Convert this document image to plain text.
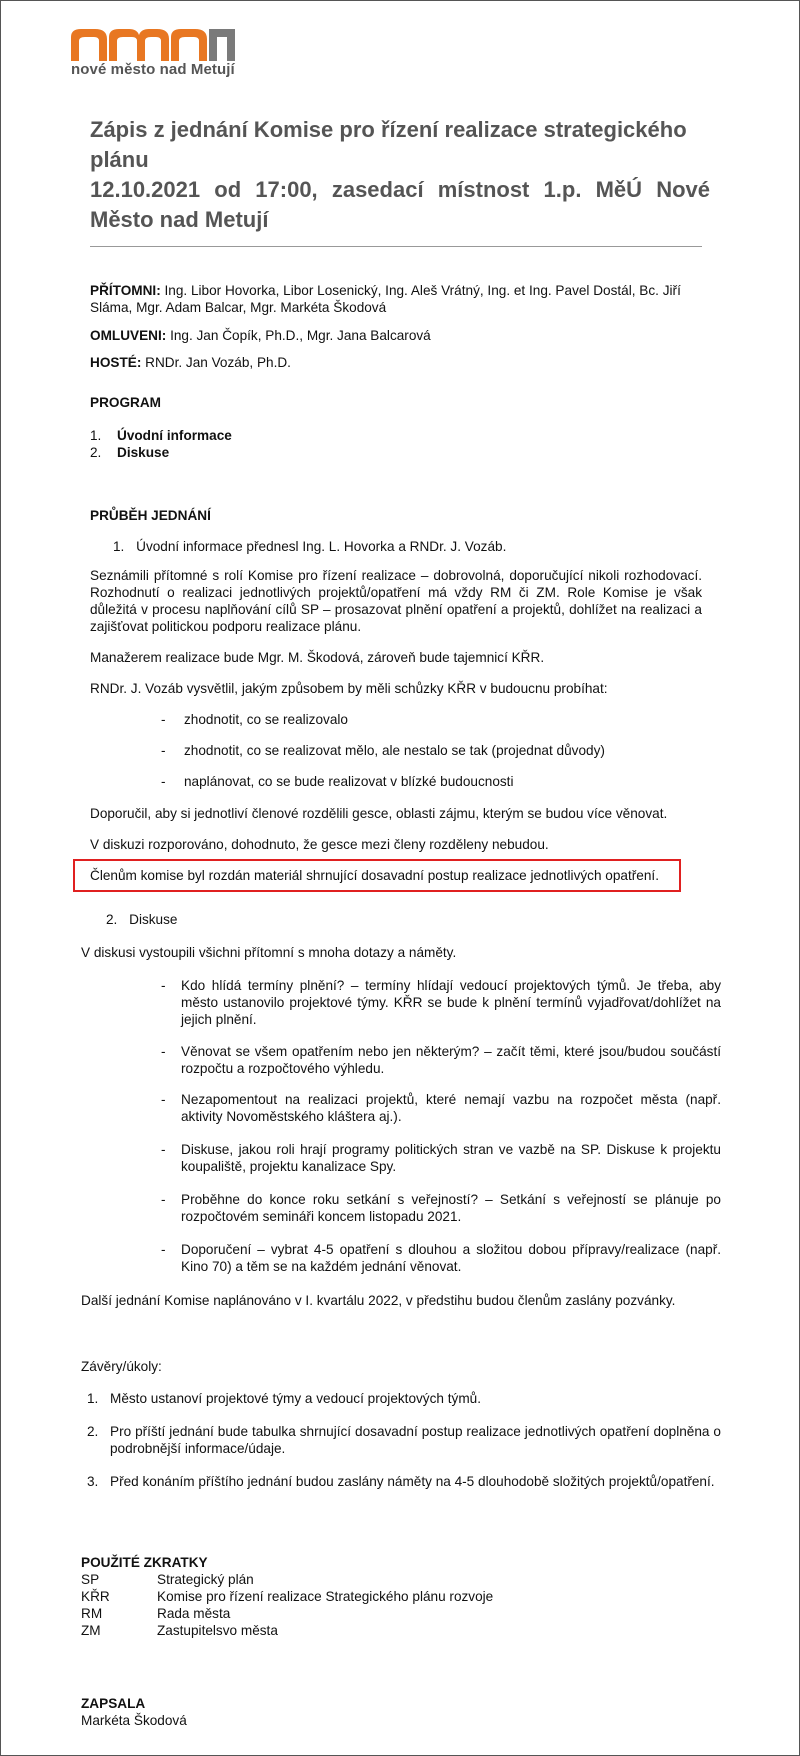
nové město nad Metují
Zápis z jednání Komise pro řízení realizace strategického plánu
12.10.2021 od 17:00, zasedací místnost 1.p. MěÚ Nové Město nad Metují
PŘÍTOMNI: Ing. Libor Hovorka, Libor Losenický, Ing. Aleš Vrátný, Ing. et Ing. Pavel Dostál, Bc. Jiří Sláma, Mgr. Adam Balcar, Mgr. Markéta Škodová
OMLUVENI: Ing. Jan Čopík, Ph.D., Mgr. Jana Balcarová
HOSTÉ: RNDr. Jan Vozáb, Ph.D.
PROGRAM
1. Úvodní informace
2. Diskuse
PRŮBĚH JEDNÁNÍ
1. Úvodní informace přednesl Ing. L. Hovorka a RNDr. J. Vozáb.
Seznámili přítomné s rolí Komise pro řízení realizace – dobrovolná, doporučující nikoli rozhodovací. Rozhodnutí o realizaci jednotlivých projektů/opatření má vždy RM či ZM. Role Komise je však důležitá v procesu naplňování cílů SP – prosazovat plnění opatření a projektů, dohlížet na realizaci a zajišťovat politickou podporu realizace plánu.
Manažerem realizace bude Mgr. M. Škodová, zároveň bude tajemnicí KŘR.
RNDr. J. Vozáb vysvětlil, jakým způsobem by měli schůzky KŘR v budoucnu probíhat:
- zhodnotit, co se realizovalo
- zhodnotit, co se realizovat mělo, ale nestalo se tak (projednat důvody)
- naplánovat, co se bude realizovat v blízké budoucnosti
Doporučil, aby si jednotliví členové rozdělili gesce, oblasti zájmu, kterým se budou více věnovat.
V diskuzi rozporováno, dohodnuto, že gesce mezi členy rozděleny nebudou.
Členům komise byl rozdán materiál shrnující dosavadní postup realizace jednotlivých opatření.
2. Diskuse
V diskusi vystoupili všichni přítomní s mnoha dotazy a náměty.
- Kdo hlídá termíny plnění? – termíny hlídají vedoucí projektových týmů. Je třeba, aby město ustanovilo projektové týmy. KŘR se bude k plnění termínů vyjadřovat/dohlížet na jejich plnění.
- Věnovat se všem opatřením nebo jen některým? – začít těmi, které jsou/budou součástí rozpočtu a rozpočtového výhledu.
- Nezapomentout na realizaci projektů, které nemají vazbu na rozpočet města (např. aktivity Novoměstského kláštera aj.).
- Diskuse, jakou roli hrají programy politických stran ve vazbě na SP. Diskuse k projektu koupaliště, projektu kanalizace Spy.
- Proběhne do konce roku setkání s veřejností? – Setkání s veřejností se plánuje po rozpočtovém semináři koncem listopadu 2021.
- Doporučení – vybrat 4-5 opatření s dlouhou a složitou dobou přípravy/realizace (např. Kino 70) a těm se na každém jednání věnovat.
Další jednání Komise naplánováno v I. kvartálu 2022, v předstihu budou členům zaslány pozvánky.
Závěry/úkoly:
1. Město ustanoví projektové týmy a vedoucí projektových týmů.
2. Pro příští jednání bude tabulka shrnující dosavadní postup realizace jednotlivých opatření doplněna o podrobnější informace/údaje.
3. Před konáním příštího jednání budou zaslány náměty na 4-5 dlouhodobě složitých projektů/opatření.
POUŽITÉ ZKRATKY
SP	Strategický plán
KŘR	Komise pro řízení realizace Strategického plánu rozvoje
RM	Rada města
ZM	Zastupitelsvo města
ZAPSALA
Markéta Škodová
